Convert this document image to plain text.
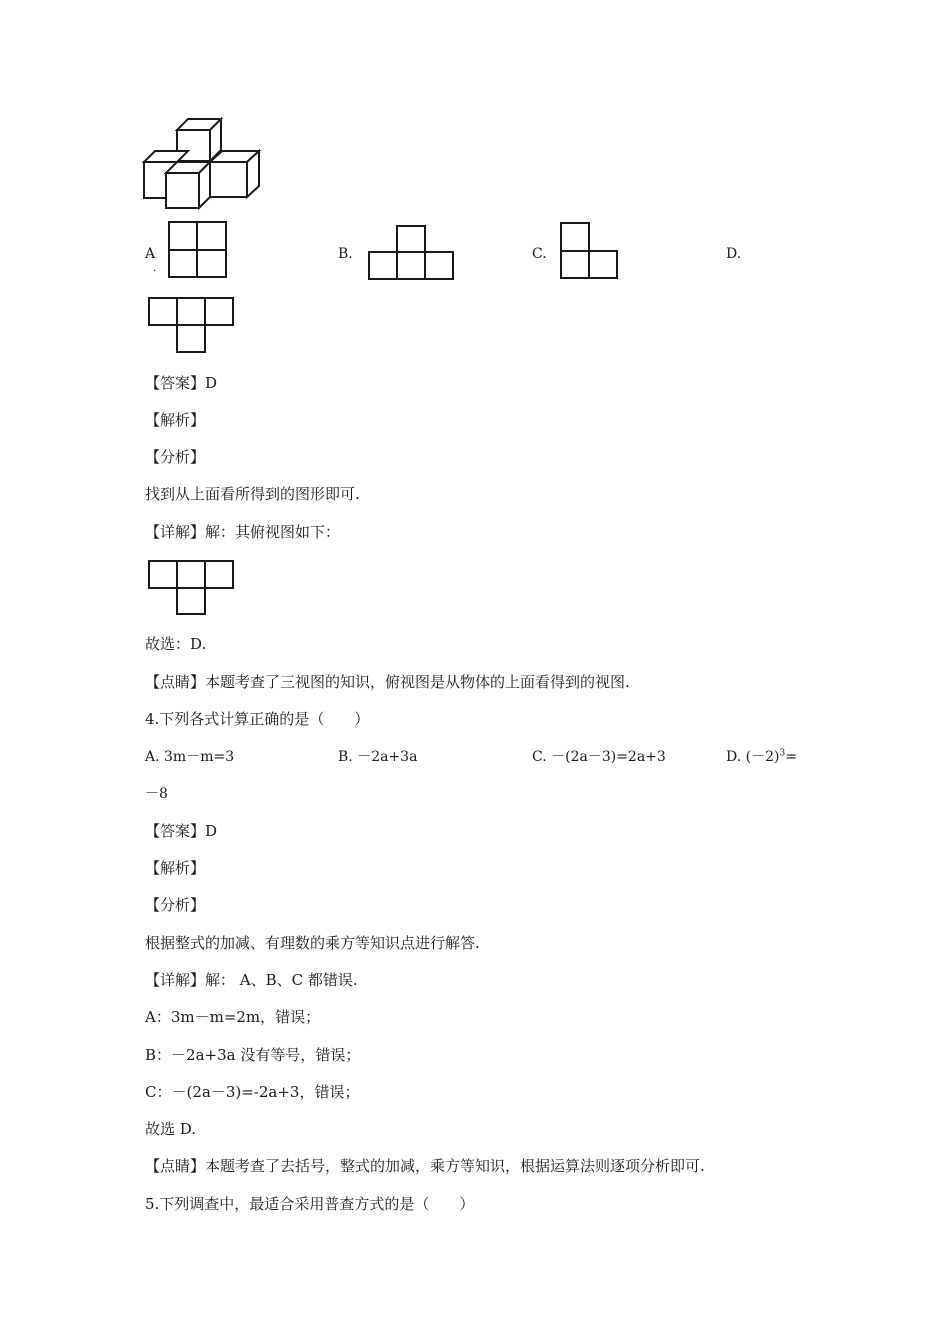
A
.
B.	C.	D.
【答案】D
【解析】
【分析】
找到从上面看所得到的图形即可.
【详解】解：其俯视图如下：
故选：D.
【点睛】本题考查了三视图的知识，俯视图是从物体的上面看得到的视图.
4.下列各式计算正确的是（　　）
A. 3m－m=3	B. －2a+3a	C. －(2a－3)=2a+3	D. $(-2)^3=$
－8
【答案】D
【解析】
【分析】
根据整式的加减、有理数的乘方等知识点进行解答.
【详解】解： A、B、C 都错误.
A：3m－m=2m，错误；
B：－2a+3a 没有等号，错误；
C：－(2a－3)=-2a+3，错误；
故选 D.
【点睛】本题考查了去括号，整式的加减，乘方等知识，根据运算法则逐项分析即可.
5.下列调查中，最适合采用普查方式的是（　　）
